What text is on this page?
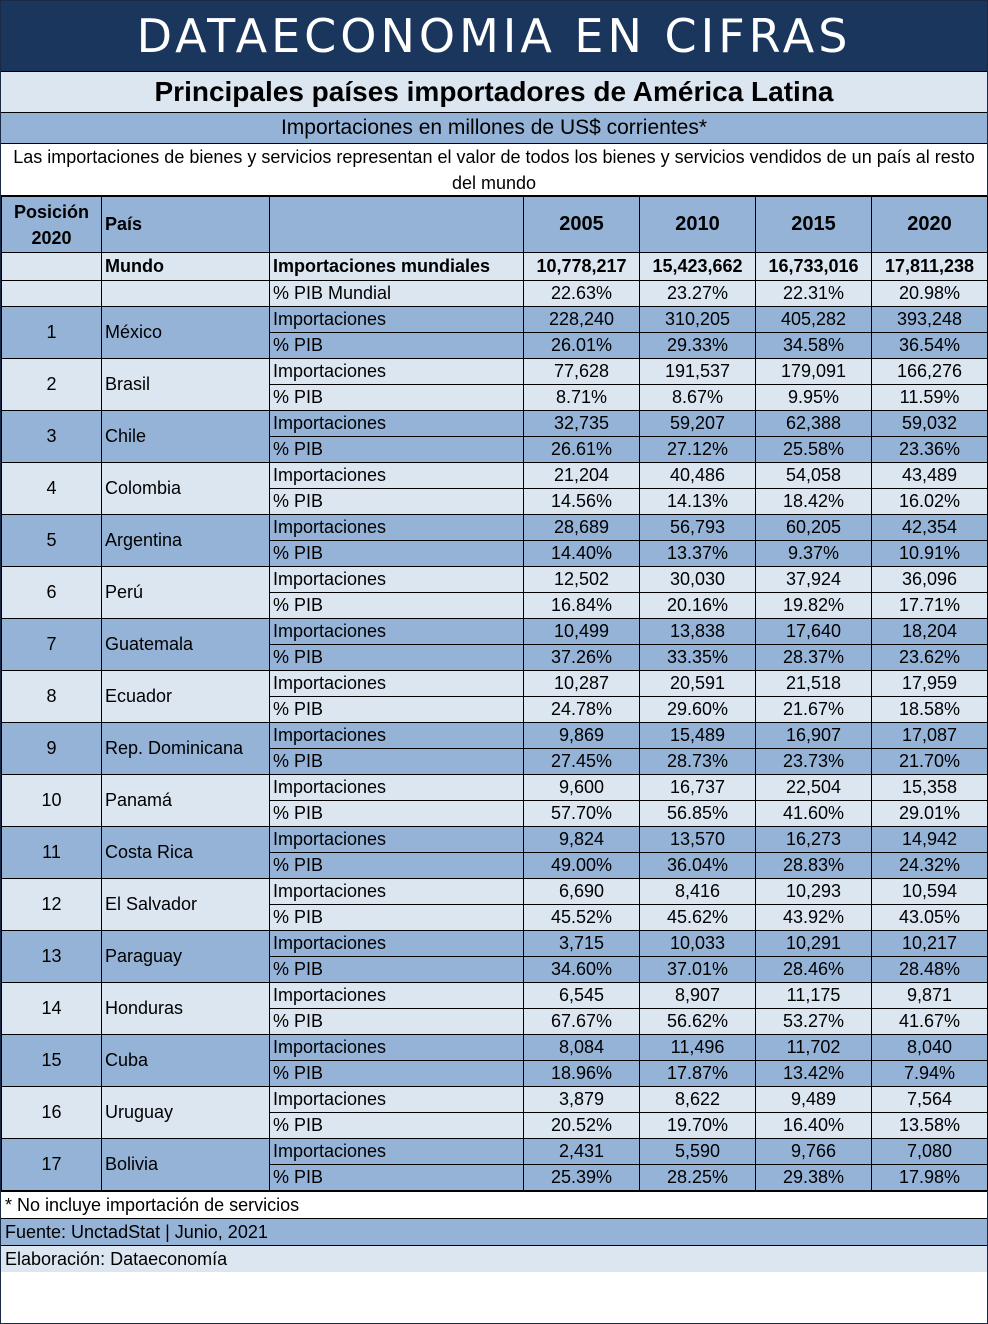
DATAECONOMIA EN CIFRAS
Principales países importadores de América Latina
Importaciones en millones de US$ corrientes*
Las importaciones de bienes y servicios representan el valor de todos los bienes y servicios vendidos de un país al resto del mundo
Posición 2020	País		2005	2010	2015	2020
	Mundo	Importaciones mundiales	10,778,217	15,423,662	16,733,016	17,811,238
		% PIB Mundial	22.63%	23.27%	22.31%	20.98%
1	México	Importaciones	228,240	310,205	405,282	393,248
		% PIB	26.01%	29.33%	34.58%	36.54%
2	Brasil	Importaciones	77,628	191,537	179,091	166,276
		% PIB	8.71%	8.67%	9.95%	11.59%
3	Chile	Importaciones	32,735	59,207	62,388	59,032
		% PIB	26.61%	27.12%	25.58%	23.36%
4	Colombia	Importaciones	21,204	40,486	54,058	43,489
		% PIB	14.56%	14.13%	18.42%	16.02%
5	Argentina	Importaciones	28,689	56,793	60,205	42,354
		% PIB	14.40%	13.37%	9.37%	10.91%
6	Perú	Importaciones	12,502	30,030	37,924	36,096
		% PIB	16.84%	20.16%	19.82%	17.71%
7	Guatemala	Importaciones	10,499	13,838	17,640	18,204
		% PIB	37.26%	33.35%	28.37%	23.62%
8	Ecuador	Importaciones	10,287	20,591	21,518	17,959
		% PIB	24.78%	29.60%	21.67%	18.58%
9	Rep. Dominicana	Importaciones	9,869	15,489	16,907	17,087
		% PIB	27.45%	28.73%	23.73%	21.70%
10	Panamá	Importaciones	9,600	16,737	22,504	15,358
		% PIB	57.70%	56.85%	41.60%	29.01%
11	Costa Rica	Importaciones	9,824	13,570	16,273	14,942
		% PIB	49.00%	36.04%	28.83%	24.32%
12	El Salvador	Importaciones	6,690	8,416	10,293	10,594
		% PIB	45.52%	45.62%	43.92%	43.05%
13	Paraguay	Importaciones	3,715	10,033	10,291	10,217
		% PIB	34.60%	37.01%	28.46%	28.48%
14	Honduras	Importaciones	6,545	8,907	11,175	9,871
		% PIB	67.67%	56.62%	53.27%	41.67%
15	Cuba	Importaciones	8,084	11,496	11,702	8,040
		% PIB	18.96%	17.87%	13.42%	7.94%
16	Uruguay	Importaciones	3,879	8,622	9,489	7,564
		% PIB	20.52%	19.70%	16.40%	13.58%
17	Bolivia	Importaciones	2,431	5,590	9,766	7,080
		% PIB	25.39%	28.25%	29.38%	17.98%
* No incluye importación de servicios
Fuente: UnctadStat | Junio, 2021
Elaboración: Dataeconomía
